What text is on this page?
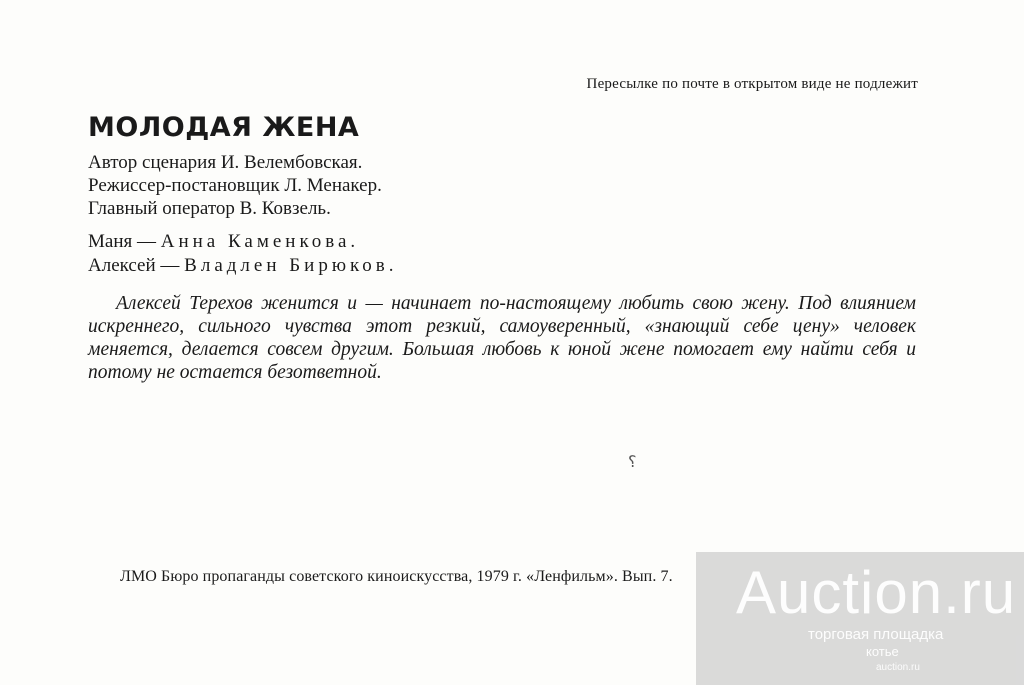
Пересылке по почте в открытом виде не подлежит
МОЛОДАЯ ЖЕНА
Автор сценария И. Велембовская.
Режиссер-постановщик Л. Менакер.
Главный оператор В. Ковзель.
Маня — Анна Каменкова.
Алексей — Владлен Бирюков.

Алексей Терехов женится и — начинает по-настоящему любить свою жену. Под влиянием искреннего, сильного чувства этот резкий, самоуверенный, «знающий себе цену» человек меняется, делается совсем другим. Большая любовь к юной жене помогает ему найти себя и потому не остается безответной.

⸮
ЛМО Бюро пропаганды советского киноискусства, 1979 г. «Ленфильм». Вып. 7. Auction.ru
торговая площадка
котье
auction.ru
